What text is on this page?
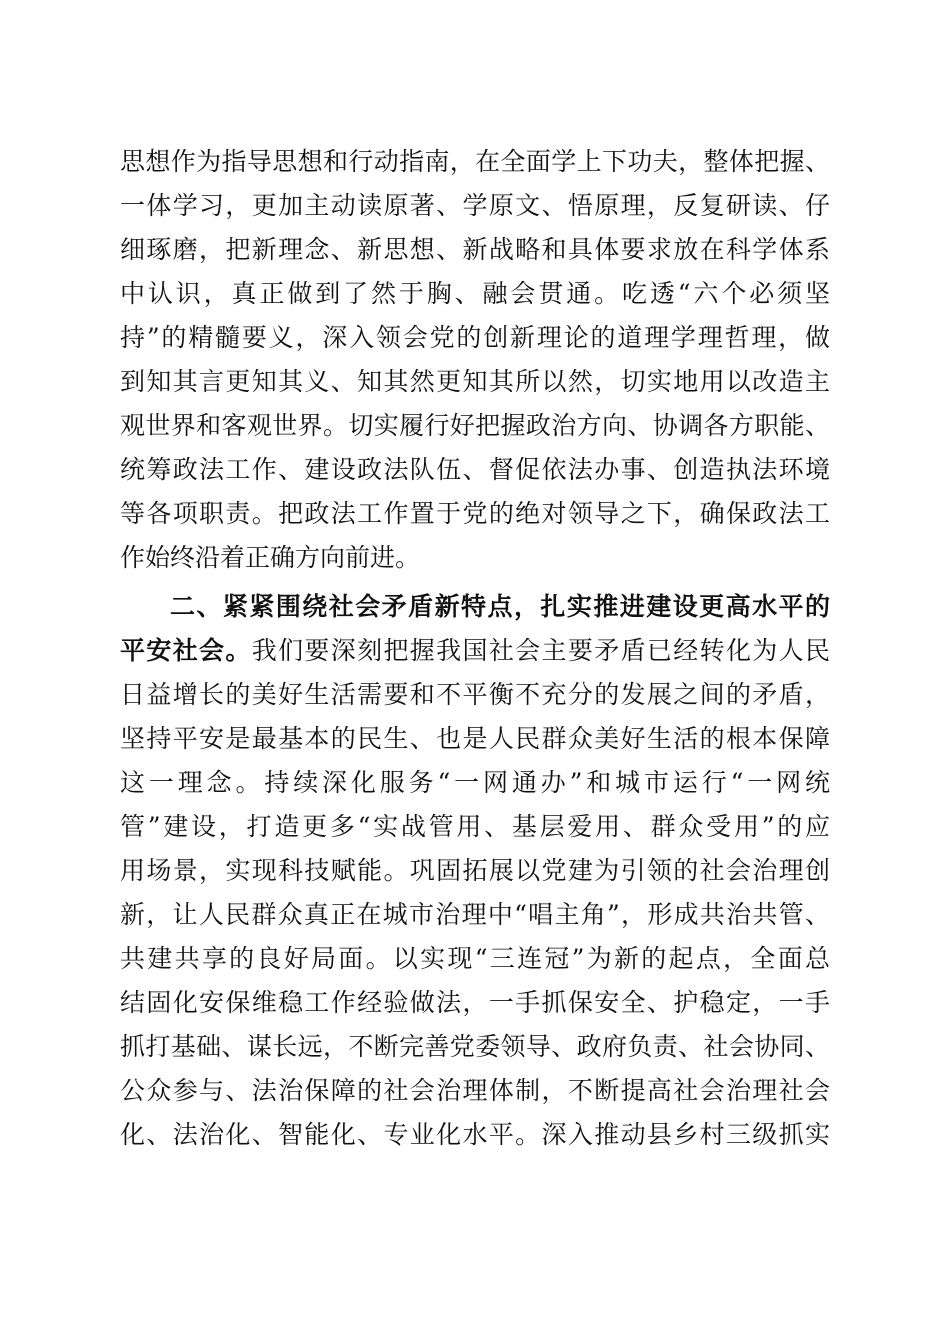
思想作为指导思想和行动指南，在全面学上下功夫，整体把握、
一体学习，更加主动读原著、学原文、悟原理，反复研读、仔
细琢磨，把新理念、新思想、新战略和具体要求放在科学体系
中认识，真正做到了然于胸、融会贯通。吃透“六个必须坚
持”的精髓要义，深入领会党的创新理论的道理学理哲理，做
到知其言更知其义、知其然更知其所以然，切实地用以改造主
观世界和客观世界。切实履行好把握政治方向、协调各方职能、
统筹政法工作、建设政法队伍、督促依法办事、创造执法环境
等各项职责。把政法工作置于党的绝对领导之下，确保政法工
作始终沿着正确方向前进。
二、紧紧围绕社会矛盾新特点，扎实推进建设更高水平的
平安社会。我们要深刻把握我国社会主要矛盾已经转化为人民
日益增长的美好生活需要和不平衡不充分的发展之间的矛盾，
坚持平安是最基本的民生、也是人民群众美好生活的根本保障
这一理念。持续深化服务“一网通办”和城市运行“一网统
管”建设，打造更多“实战管用、基层爱用、群众受用”的应
用场景，实现科技赋能。巩固拓展以党建为引领的社会治理创
新，让人民群众真正在城市治理中“唱主角”，形成共治共管、
共建共享的良好局面。以实现“三连冠”为新的起点，全面总
结固化安保维稳工作经验做法，一手抓保安全、护稳定，一手
抓打基础、谋长远，不断完善党委领导、政府负责、社会协同、
公众参与、法治保障的社会治理体制，不断提高社会治理社会
化、法治化、智能化、专业化水平。深入推动县乡村三级抓实
